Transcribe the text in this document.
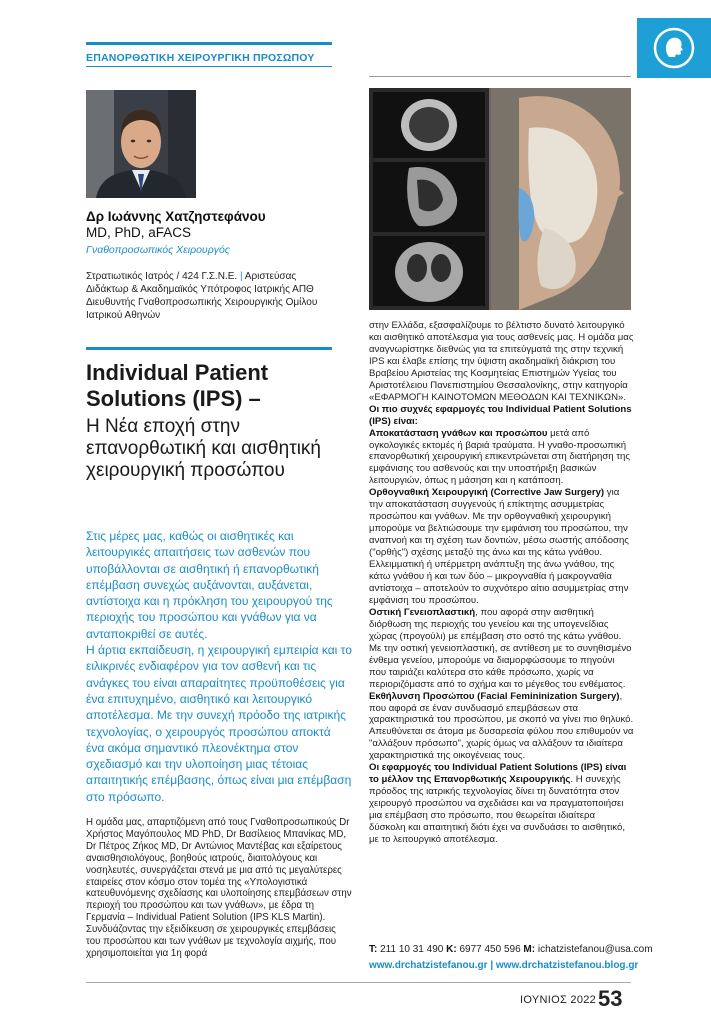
ΕΠΑΝΟΡΘΩΤΙΚΗ ΧΕΙΡΟΥΡΓΙΚΗ ΠΡΟΣΩΠΟΥ
Δρ Ιωάννης Χατζηστεφάνου
MD, PhD, aFACS
Γναθοπροσωπικός Χειρουργός
Στρατιωτικός Ιατρός / 424 Γ.Σ.Ν.Ε. | Αριστεύσας Διδάκτωρ & Ακαδημαϊκός Υπότροφος Ιατρικής ΑΠΘ Διευθυντής Γναθοπροσωπικής Χειρουργικής Ομίλου Ιατρικού Αθηνών
Individual Patient Solutions (IPS) –
Η Νέα εποχή στην επανορθωτική και αισθητική χειρουργική προσώπου

Στις μέρες μας, καθώς οι αισθητικές και λειτουργικές απαιτήσεις των ασθενών που υποβάλλονται σε αισθητική ή επανορθωτική επέμβαση συνεχώς αυξάνονται, αυξάνεται, αντίστοιχα και η πρόκληση του χειρουργού της περιοχής του προσώπου και γνάθων για να ανταποκριθεί σε αυτές.

Η άρτια εκπαίδευση, η χειρουργική εμπειρία και το ειλικρινές ενδιαφέρον για τον ασθενή και τις ανάγκες του είναι απαραίτητες προϋποθέσεις για ένα επιτυχημένο, αισθητικό και λειτουργικό αποτέλεσμα. Με την συνεχή πρόοδο της ιατρικής τεχνολογίας, ο χειρουργός προσώπου αποκτά ένα ακόμα σημαντικό πλεονέκτημα στον σχεδιασμό και την υλοποίηση μιας τέτοιας απαιτητικής επέμβασης, όπως είναι μια επέμβαση στο πρόσωπο.

Η ομάδα μας, απαρτιζόμενη από τους Γναθοπροσωπικούς Dr Χρήστος Μαγόπουλος MD PhD, Dr Βασίλειος Μπανίκας MD, Dr Πέτρος Ζήκος MD, Dr Αντώνιος Μαντέβας και εξαίρετους αναισθησιολόγους, βοηθούς ιατρούς, διαιτολόγους και νοσηλευτές, συνεργάζεται στενά με μια από τις μεγαλύτερες εταιρείες στον κόσμο στον τομέα της «Υπολογιστικά κατευθυνόμενης σχεδίασης και υλοποίησης επεμβάσεων στην περιοχή του προσώπου και των γνάθων», με έδρα τη Γερμανία – Individual Patient Solution (IPS KLS Martin). Συνδυάζοντας την εξειδίκευση σε χειρουργικές επεμβάσεις του προσώπου και των γνάθων με τεχνολογία αιχμής, που χρησιμοποιείται για 1η φορά

στην Ελλάδα, εξασφαλίζουμε το βέλτιστο δυνατό λειτουργικό και αισθητικό αποτέλεσμα για τους ασθενείς μας. Η ομάδα μας αναγνωρίστηκε διεθνώς για τα επιτεύγματά της στην τεχνική IPS και έλαβε επίσης την ύψιστη ακαδημαϊκή διάκριση του Βραβείου Αριστείας της Κοσμητείας Επιστημών Υγείας του Αριστοτέλειου Πανεπιστημίου Θεσσαλονίκης, στην κατηγορία «ΕΦΑΡΜΟΓΗ ΚΑΙΝΟΤΟΜΩΝ ΜΕΘΟΔΩΝ ΚΑΙ ΤΕΧΝΙΚΩΝ».

Οι πιο συχνές εφαρμογές του Individual Patient Solutions (IPS) είναι:

Αποκατάσταση γνάθων και προσώπου μετά από ογκολογικές εκτομές ή βαριά τραύματα. Η γναθο-προσωπική επανορθωτική χειρουργική επικεντρώνεται στη διατήρηση της εμφάνισης του ασθενούς και την υποστήριξη βασικών λειτουργιών, όπως η μάσηση και η κατάποση.

Ορθογναθική Χειρουργική (Corrective Jaw Surgery) για την αποκατάσταση συγγενούς ή επίκτητης ασυμμετρίας προσώπου και γνάθων. Με την ορθογναθική χειρουργική μπορούμε να βελτιώσουμε την εμφάνιση του προσώπου, την αναπνοή και τη σχέση των δοντιών, μέσω σωστής απόδοσης ("ορθής") σχέσης μεταξύ της άνω και της κάτω γνάθου. Ελλειμματική ή υπέρμετρη ανάπτυξη της άνω γνάθου, της κάτω γνάθου ή και των δύο – μικρογναθία ή μακρογναθία αντίστοιχα – αποτελούν το συχνότερο αίτιο ασυμμετρίας στην εμφάνιση του προσώπου.

Οστική Γενειοπλαστική, που αφορά στην αισθητική διόρθωση της περιοχής του γενείου και της υπογενείδιας χώρας (προγούλι) με επέμβαση στο οστό της κάτω γνάθου. Με την οστική γενειοπλαστική, σε αντίθεση με το συνηθισμένο ένθεμα γενείου, μπορούμε να διαμορφώσουμε το πηγούνι που ταιριάζει καλύτερα στο κάθε πρόσωπο, χωρίς να περιοριζόμαστε από το σχήμα και το μέγεθος του ενθέματος.

Εκθήλυνση Προσώπου (Facial Femininization Surgery), που αφορά σε έναν συνδυασμό επεμβάσεων στα χαρακτηριστικά του προσώπου, με σκοπό να γίνει πιο θηλυκό. Απευθύνεται σε άτομα με δυσαρεσία φύλου που επιθυμούν να "αλλάξουν πρόσωπο", χωρίς όμως να αλλάξουν τα ιδιαίτερα χαρακτηριστικά της οικογένειας τους.

Οι εφαρμογές του Individual Patient Solutions (IPS) είναι το μέλλον της Επανορθωτικής Χειρουργικής. Η συνεχής πρόοδος της ιατρικής τεχνολογίας δίνει τη δυνατότητα στον χειρουργό προσώπου να σχεδιάσει και να πραγματοποιήσει μια επέμβαση στο πρόσωπο, που θεωρείται ιδιαίτερα δύσκολη και απαιτητική διότι έχει να συνδυάσει το αισθητικό, με το λειτουργικό αποτέλεσμα.

T: 211 10 31 490 K: 6977 450 596 M: ichatzistefanou@usa.com
www.drchatzistefanou.gr | www.drchatzistefanou.blog.gr
ΙΟΥΝΙΟΣ 2022 53
